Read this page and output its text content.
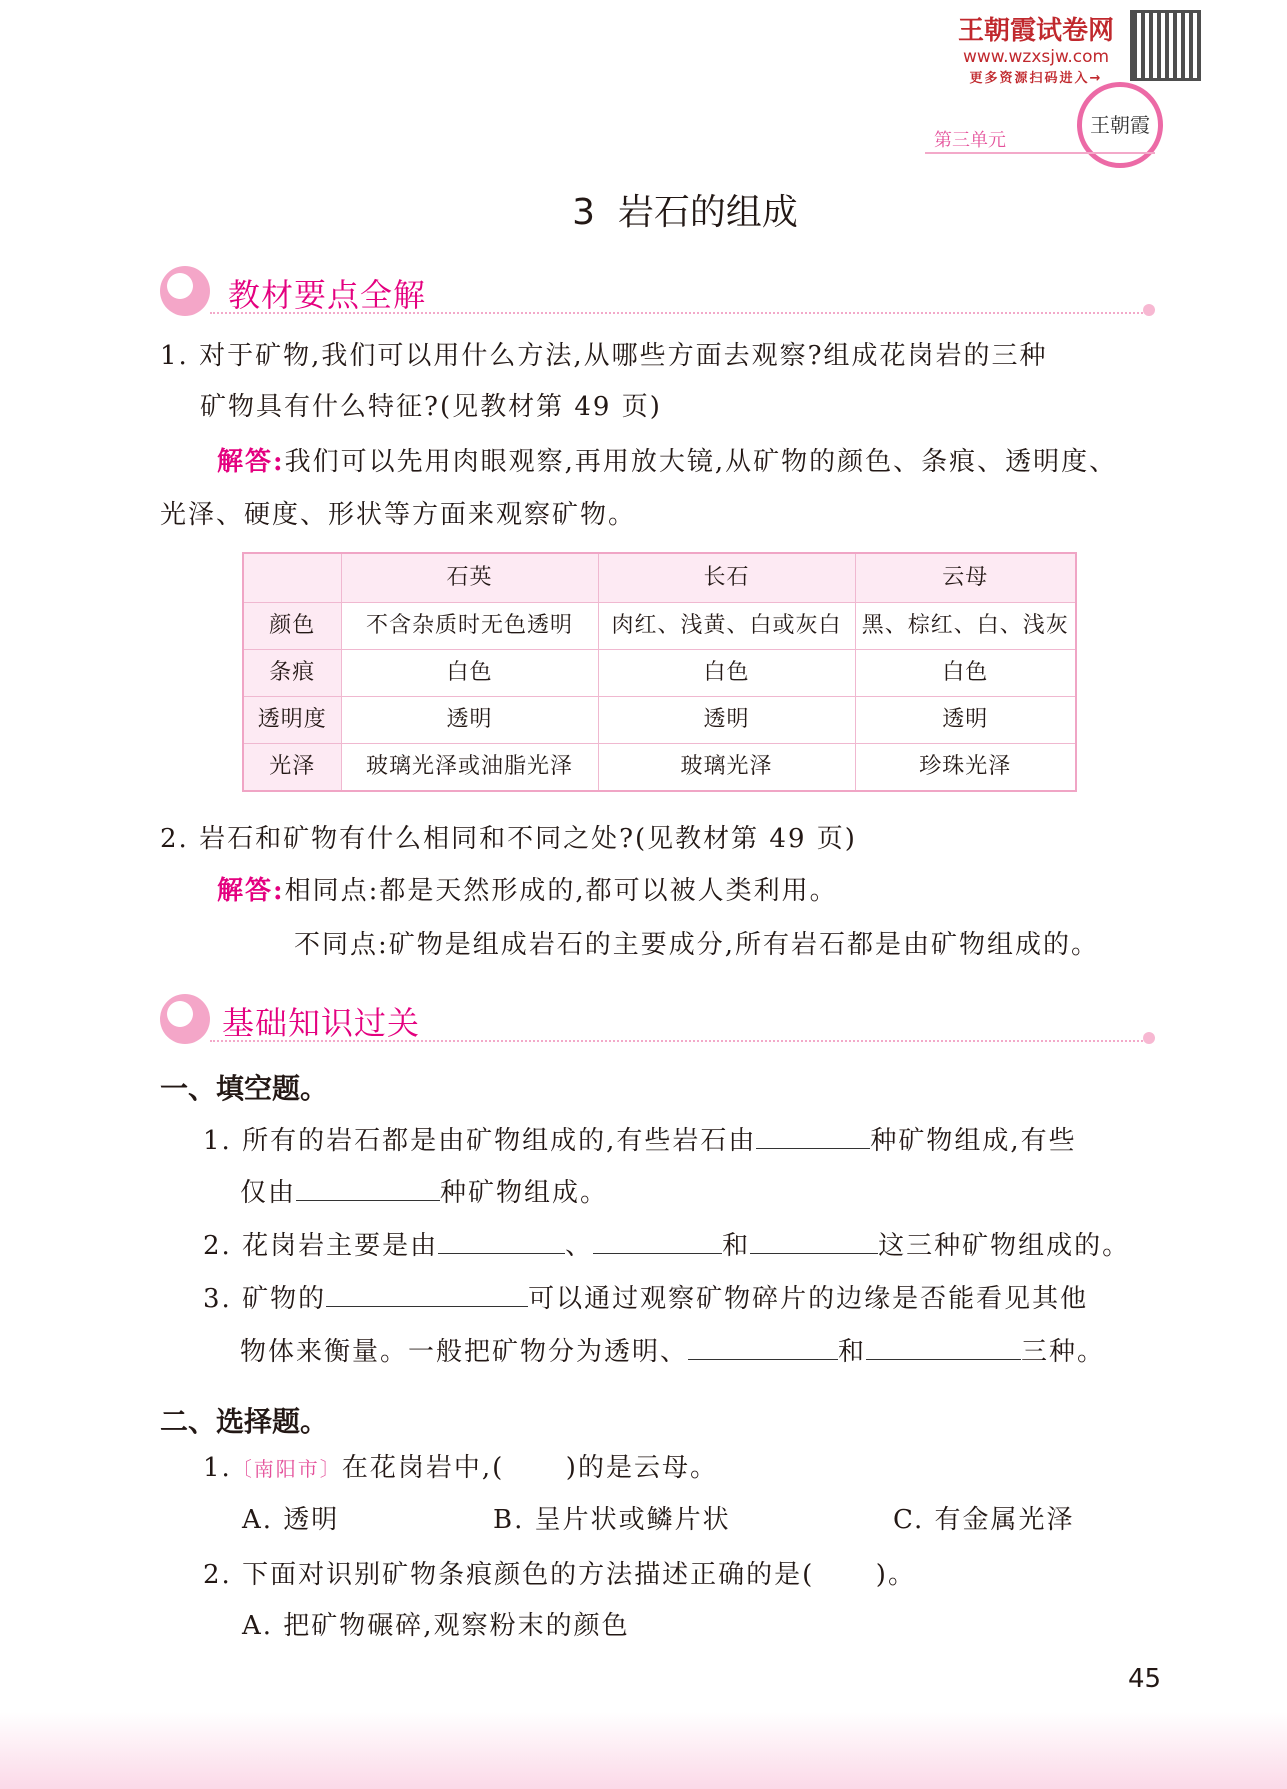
王朝霞试卷网
www.wzxsjw.com
更多资源扫码进入→
王朝霞
第三单元
3  岩石的组成
教材要点全解
1. 对于矿物,我们可以用什么方法,从哪些方面去观察?组成花岗岩的三种
矿物具有什么特征?(见教材第 49 页)
解答:我们可以先用肉眼观察,再用放大镜,从矿物的颜色、条痕、透明度、
光泽、硬度、形状等方面来观察矿物。
	石英	长石	云母
颜色	不含杂质时无色透明	肉红、浅黄、白或灰白	黑、棕红、白、浅灰
条痕	白色	白色	白色
透明度	透明	透明	透明
光泽	玻璃光泽或油脂光泽	玻璃光泽	珍珠光泽
2. 岩石和矿物有什么相同和不同之处?(见教材第 49 页)
解答:相同点:都是天然形成的,都可以被人类利用。
不同点:矿物是组成岩石的主要成分,所有岩石都是由矿物组成的。
基础知识过关
一、填空题。
1. 所有的岩石都是由矿物组成的,有些岩石由	种矿物组成,有些
仅由	种矿物组成。
2. 花岗岩主要是由	、	和	这三种矿物组成的。
3. 矿物的	可以通过观察矿物碎片的边缘是否能看见其他
物体来衡量。一般把矿物分为透明、	和	三种。
二、选择题。
1.〔南阳市〕在花岗岩中,(      )的是云母。
A. 透明	B. 呈片状或鳞片状	C. 有金属光泽
2. 下面对识别矿物条痕颜色的方法描述正确的是(      )。
A. 把矿物碾碎,观察粉末的颜色
45
